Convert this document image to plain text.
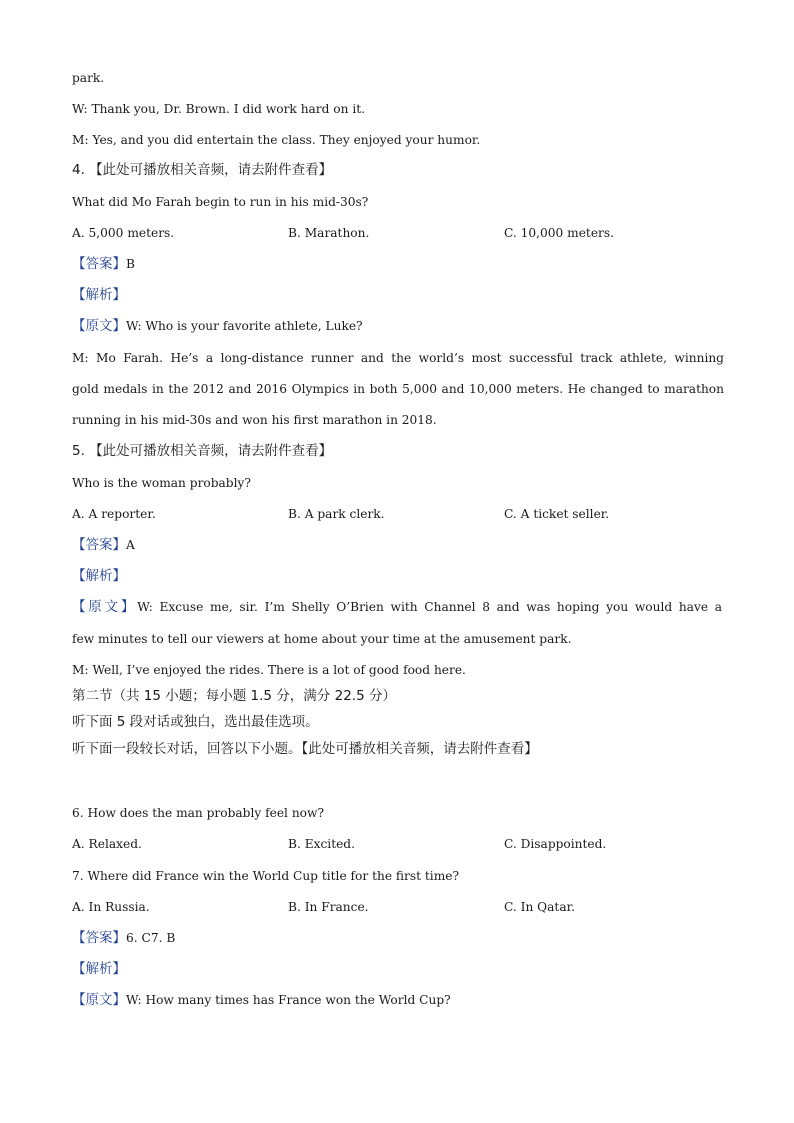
park.
W: Thank you, Dr. Brown. I did work hard on it.
M: Yes, and you did entertain the class. They enjoyed your humor.
4. 【此处可播放相关音频，请去附件查看】
What did Mo Farah begin to run in his mid-30s?
A. 5,000 meters.	B. Marathon.	C. 10,000 meters.
【答案】B
【解析】
【原文】W: Who is your favorite athlete, Luke?
M: Mo Farah. He’s a long-distance runner and the world’s most successful track athlete, winning
gold medals in the 2012 and 2016 Olympics in both 5,000 and 10,000 meters. He changed to marathon
running in his mid-30s and won his first marathon in 2018.
5. 【此处可播放相关音频，请去附件查看】
Who is the woman probably?
A. A reporter.	B. A park clerk.	C. A ticket seller.
【答案】A
【解析】
【原文】W: Excuse me, sir. I’m Shelly O’Brien with Channel 8 and was hoping you would have a
few minutes to tell our viewers at home about your time at the amusement park.
M: Well, I’ve enjoyed the rides. There is a lot of good food here.
第二节（共 15 小题；每小题 1.5 分，满分 22.5 分）
听下面 5 段对话或独白，选出最佳选项。
听下面一段较长对话，回答以下小题。【此处可播放相关音频，请去附件查看】
6. How does the man probably feel now?
A. Relaxed.	B. Excited.	C. Disappointed.
7. Where did France win the World Cup title for the first time?
A. In Russia.	B. In France.	C. In Qatar.
【答案】6. C7. B
【解析】
【原文】W: How many times has France won the World Cup?
